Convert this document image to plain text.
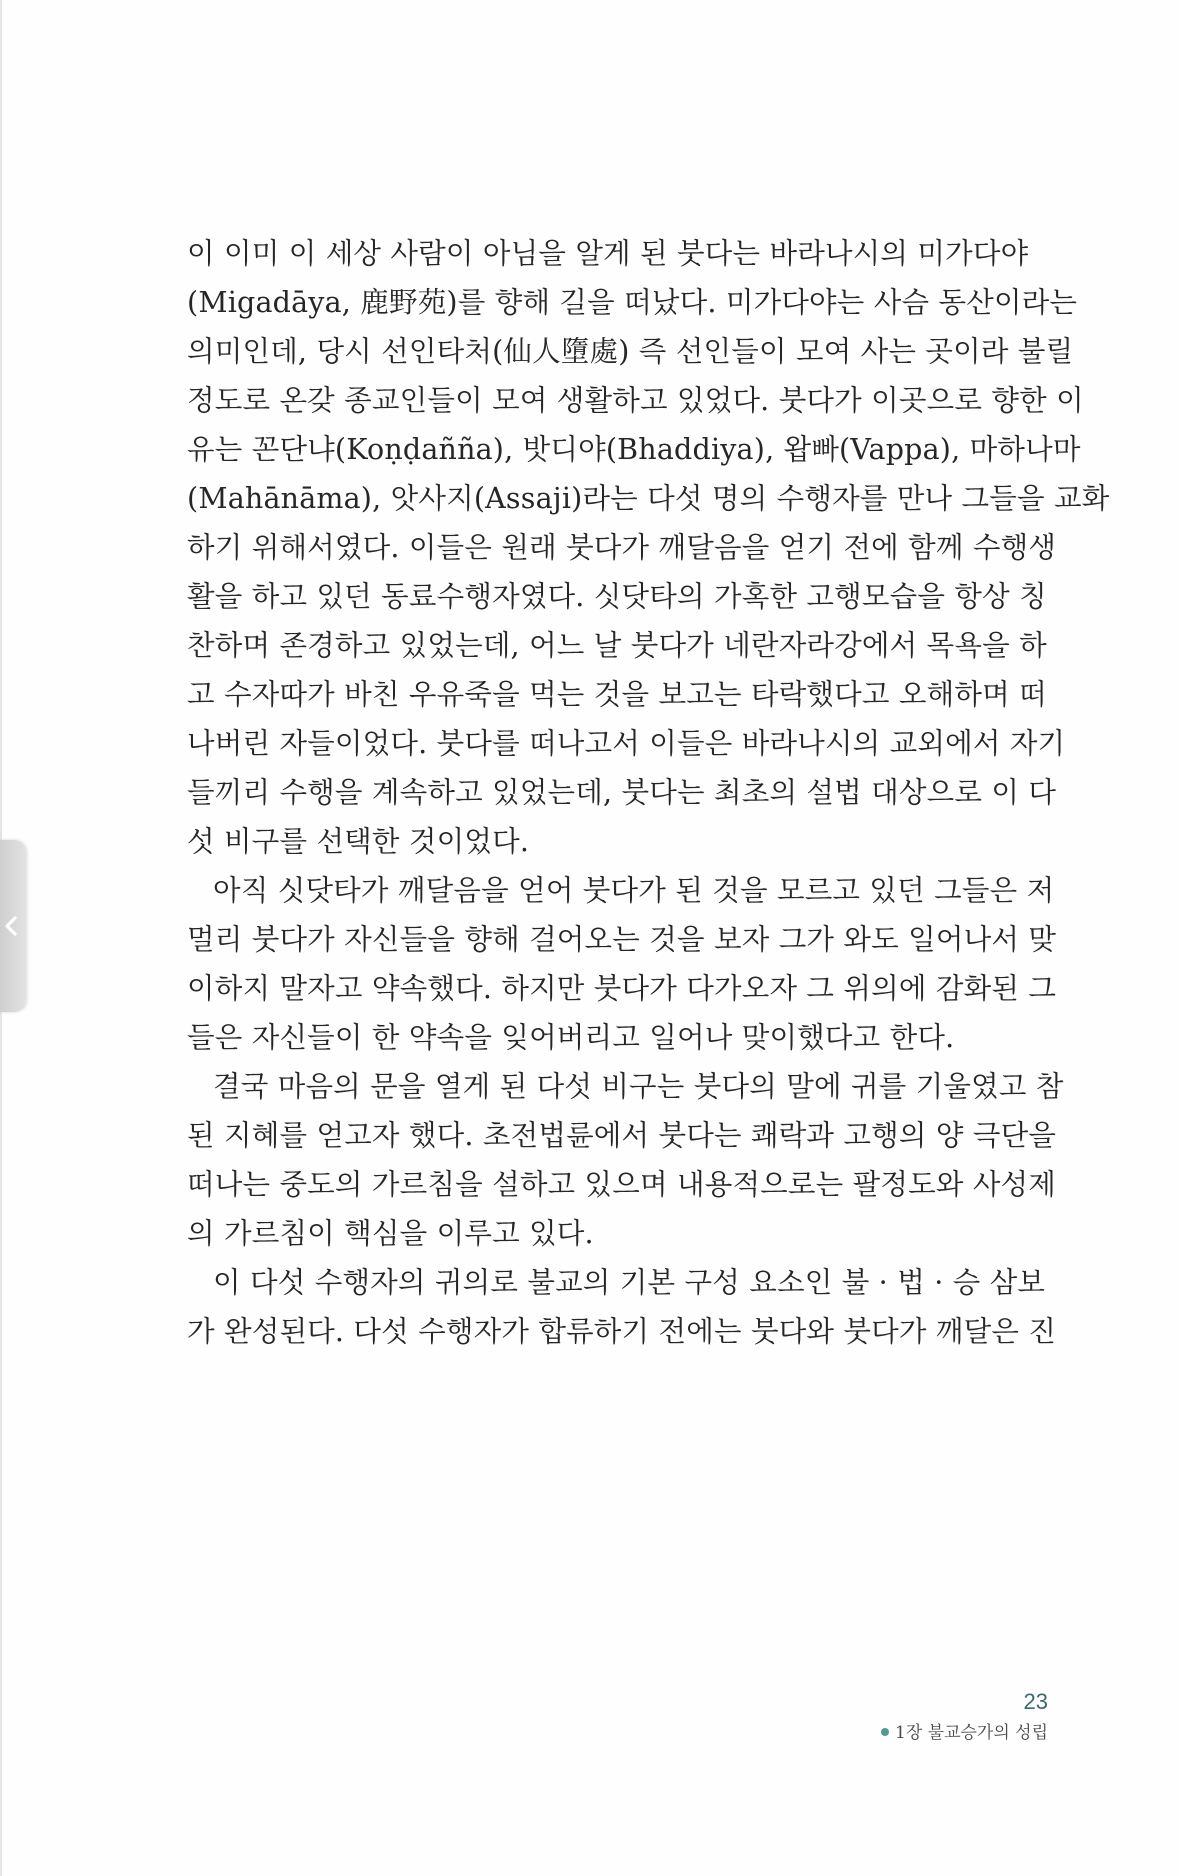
이 이미 이 세상 사람이 아님을 알게 된 붓다는 바라나시의 미가다야
(Migadāya, 鹿野苑)를 향해 길을 떠났다. 미가다야는 사슴 동산이라는
의미인데, 당시 선인타처(仙人墮處) 즉 선인들이 모여 사는 곳이라 불릴
정도로 온갖 종교인들이 모여 생활하고 있었다. 붓다가 이곳으로 향한 이
유는 꼰단냐(Koṇḍañña), 밧디야(Bhaddiya), 왑빠(Vappa), 마하나마
(Mahānāma), 앗사지(Assaji)라는 다섯 명의 수행자를 만나 그들을 교화
하기 위해서였다. 이들은 원래 붓다가 깨달음을 얻기 전에 함께 수행생
활을 하고 있던 동료수행자였다. 싯닷타의 가혹한 고행모습을 항상 칭
찬하며 존경하고 있었는데, 어느 날 붓다가 네란자라강에서 목욕을 하
고 수자따가 바친 우유죽을 먹는 것을 보고는 타락했다고 오해하며 떠
나버린 자들이었다. 붓다를 떠나고서 이들은 바라나시의 교외에서 자기
들끼리 수행을 계속하고 있었는데, 붓다는 최초의 설법 대상으로 이 다
섯 비구를 선택한 것이었다.
아직 싯닷타가 깨달음을 얻어 붓다가 된 것을 모르고 있던 그들은 저
멀리 붓다가 자신들을 향해 걸어오는 것을 보자 그가 와도 일어나서 맞
이하지 말자고 약속했다. 하지만 붓다가 다가오자 그 위의에 감화된 그
들은 자신들이 한 약속을 잊어버리고 일어나 맞이했다고 한다.
결국 마음의 문을 열게 된 다섯 비구는 붓다의 말에 귀를 기울였고 참
된 지혜를 얻고자 했다. 초전법륜에서 붓다는 쾌락과 고행의 양 극단을
떠나는 중도의 가르침을 설하고 있으며 내용적으로는 팔정도와 사성제
의 가르침이 핵심을 이루고 있다.
이 다섯 수행자의 귀의로 불교의 기본 구성 요소인 불 · 법 · 승 삼보
가 완성된다. 다섯 수행자가 합류하기 전에는 붓다와 붓다가 깨달은 진
23
1장 불교승가의 성립
